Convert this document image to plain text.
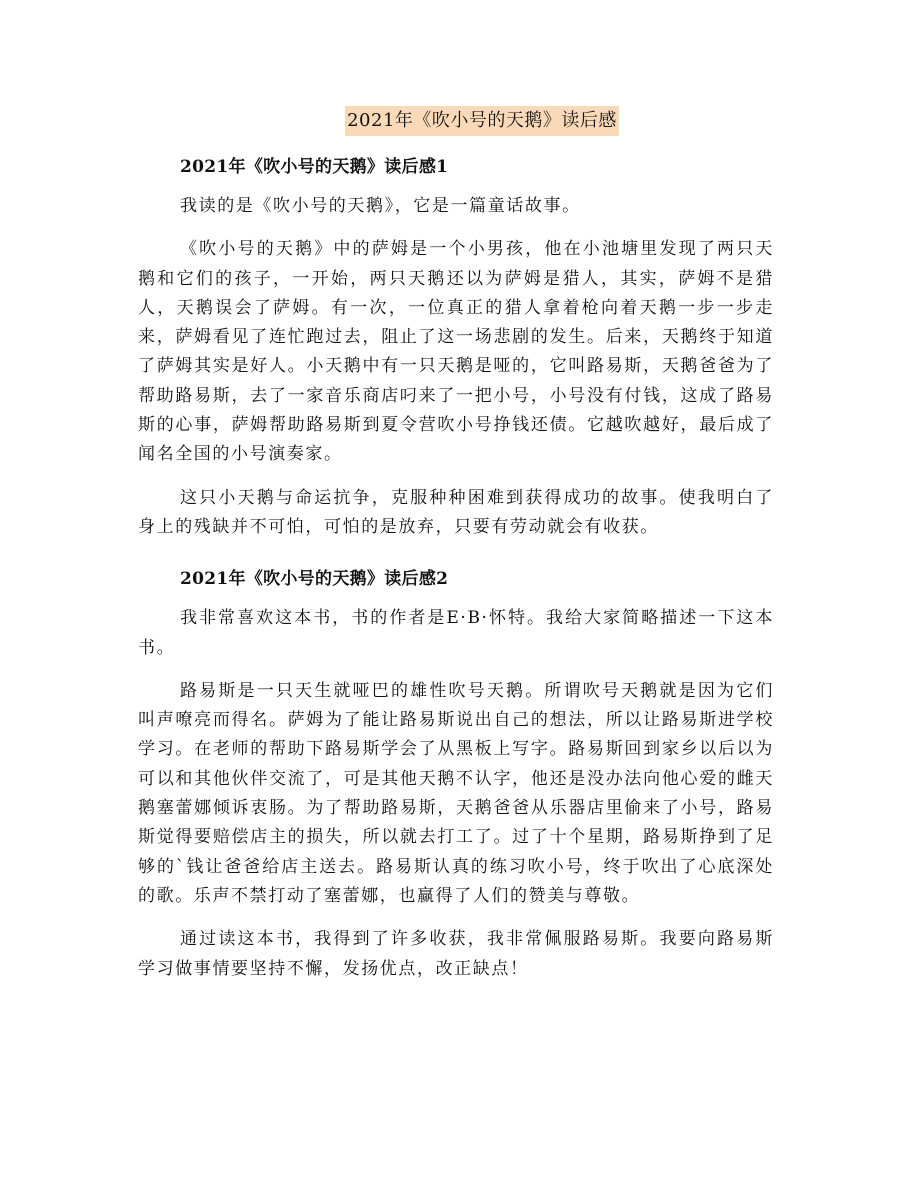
2021年《吹小号的天鹅》读后感
2021年《吹小号的天鹅》读后感1

我读的是《吹小号的天鹅》，它是一篇童话故事。

《吹小号的天鹅》中的萨姆是一个小男孩，他在小池塘里发现了两只天鹅和它们的孩子，一开始，两只天鹅还以为萨姆是猎人，其实，萨姆不是猎人，天鹅误会了萨姆。有一次，一位真正的猎人拿着枪向着天鹅一步一步走来，萨姆看见了连忙跑过去，阻止了这一场悲剧的发生。后来，天鹅终于知道了萨姆其实是好人。小天鹅中有一只天鹅是哑的，它叫路易斯，天鹅爸爸为了帮助路易斯，去了一家音乐商店叼来了一把小号，小号没有付钱，这成了路易斯的心事，萨姆帮助路易斯到夏令营吹小号挣钱还债。它越吹越好，最后成了闻名全国的小号演奏家。

这只小天鹅与命运抗争，克服种种困难到获得成功的故事。使我明白了身上的残缺并不可怕，可怕的是放弃，只要有劳动就会有收获。

2021年《吹小号的天鹅》读后感2

我非常喜欢这本书，书的作者是E·B·怀特。我给大家简略描述一下这本书。

路易斯是一只天生就哑巴的雄性吹号天鹅。所谓吹号天鹅就是因为它们叫声嘹亮而得名。萨姆为了能让路易斯说出自己的想法，所以让路易斯进学校学习。在老师的帮助下路易斯学会了从黑板上写字。路易斯回到家乡以后以为可以和其他伙伴交流了，可是其他天鹅不认字，他还是没办法向他心爱的雌天鹅塞蕾娜倾诉衷肠。为了帮助路易斯，天鹅爸爸从乐器店里偷来了小号，路易斯觉得要赔偿店主的损失，所以就去打工了。过了十个星期，路易斯挣到了足够的`钱让爸爸给店主送去。路易斯认真的练习吹小号，终于吹出了心底深处的歌。乐声不禁打动了塞蕾娜，也赢得了人们的赞美与尊敬。

通过读这本书，我得到了许多收获，我非常佩服路易斯。我要向路易斯学习做事情要坚持不懈，发扬优点，改正缺点！
